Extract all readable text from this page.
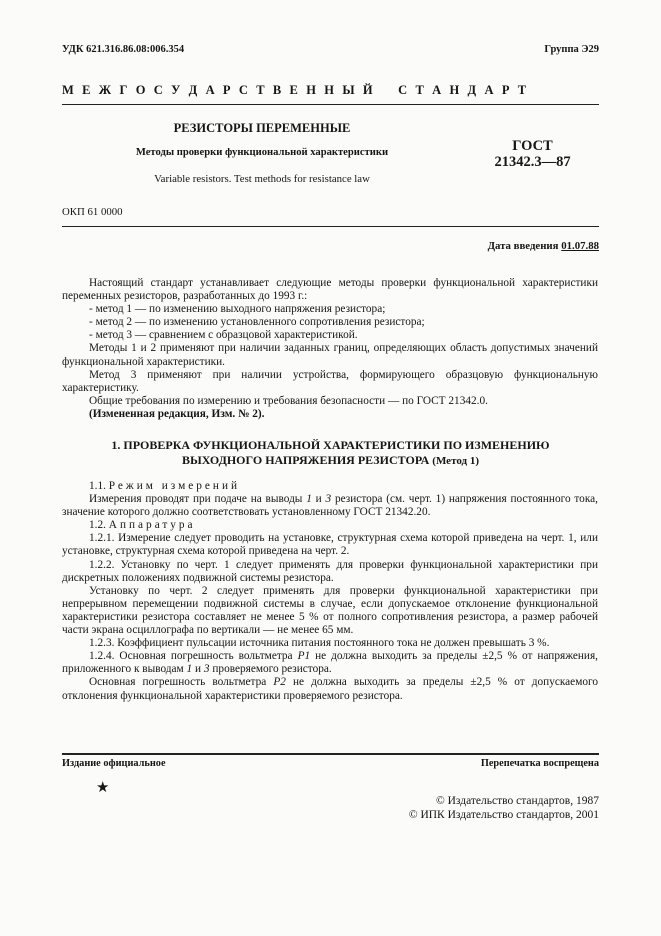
УДК 621.316.86.08:006.354	Группа Э29
М Е Ж Г О С У Д А Р С Т В Е Н Н Ы Й    С Т А Н Д А Р Т
РЕЗИСТОРЫ ПЕРЕМЕННЫЕ
Методы проверки функциональной характеристики
Variable resistors. Test methods for resistance law
ГОСТ
21342.3—87
ОКП 61 0000
Дата введения 01.07.88

Настоящий стандарт устанавливает следующие методы проверки функциональной характеристики переменных резисторов, разработанных до 1993 г.:

- метод 1 — по изменению выходного напряжения резистора;

- метод 2 — по изменению установленного сопротивления резистора;

- метод 3 — сравнением с образцовой характеристикой.

Методы 1 и 2 применяют при наличии заданных границ, определяющих область допустимых значений функциональной характеристики.

Метод 3 применяют при наличии устройства, формирующего образцовую функциональную характеристику.

Общие требования по измерению и требования безопасности — по ГОСТ 21342.0.

(Измененная редакция, Изм. № 2).

1. ПРОВЕРКА ФУНКЦИОНАЛЬНОЙ ХАРАКТЕРИСТИКИ ПО ИЗМЕНЕНИЮ
ВЫХОДНОГО НАПРЯЖЕНИЯ РЕЗИСТОРА (Метод 1)

1.1. Режим измерений

Измерения проводят при подаче на выводы 1 и 3 резистора (см. черт. 1) напряжения постоянного тока, значение которого должно соответствовать установленному ГОСТ 21342.20.

1.2. Аппаратура

1.2.1. Измерение следует проводить на установке, структурная схема которой приведена на черт. 1, или установке, структурная схема которой приведена на черт. 2.

1.2.2. Установку по черт. 1 следует применять для проверки функциональной характеристики при дискретных положениях подвижной системы резистора.

Установку по черт. 2 следует применять для проверки функциональной характеристики при непрерывном перемещении подвижной системы в случае, если допускаемое отклонение функциональной характеристики резистора составляет не менее 5 % от полного сопротивления резистора, а размер рабочей части экрана осциллографа по вертикали — не менее 65 мм.

1.2.3. Коэффициент пульсации источника питания постоянного тока не должен превышать 3 %.

1.2.4. Основная погрешность вольтметра P1 не должна выходить за пределы ±2,5 % от напряжения, приложенного к выводам 1 и 3 проверяемого резистора.

Основная погрешность вольтметра P2 не должна выходить за пределы ±2,5 % от допускаемого отклонения функциональной характеристики проверяемого резистора.

Издание официальное	Перепечатка воспрещена
★
© Издательство стандартов, 1987
© ИПК Издательство стандартов, 2001
